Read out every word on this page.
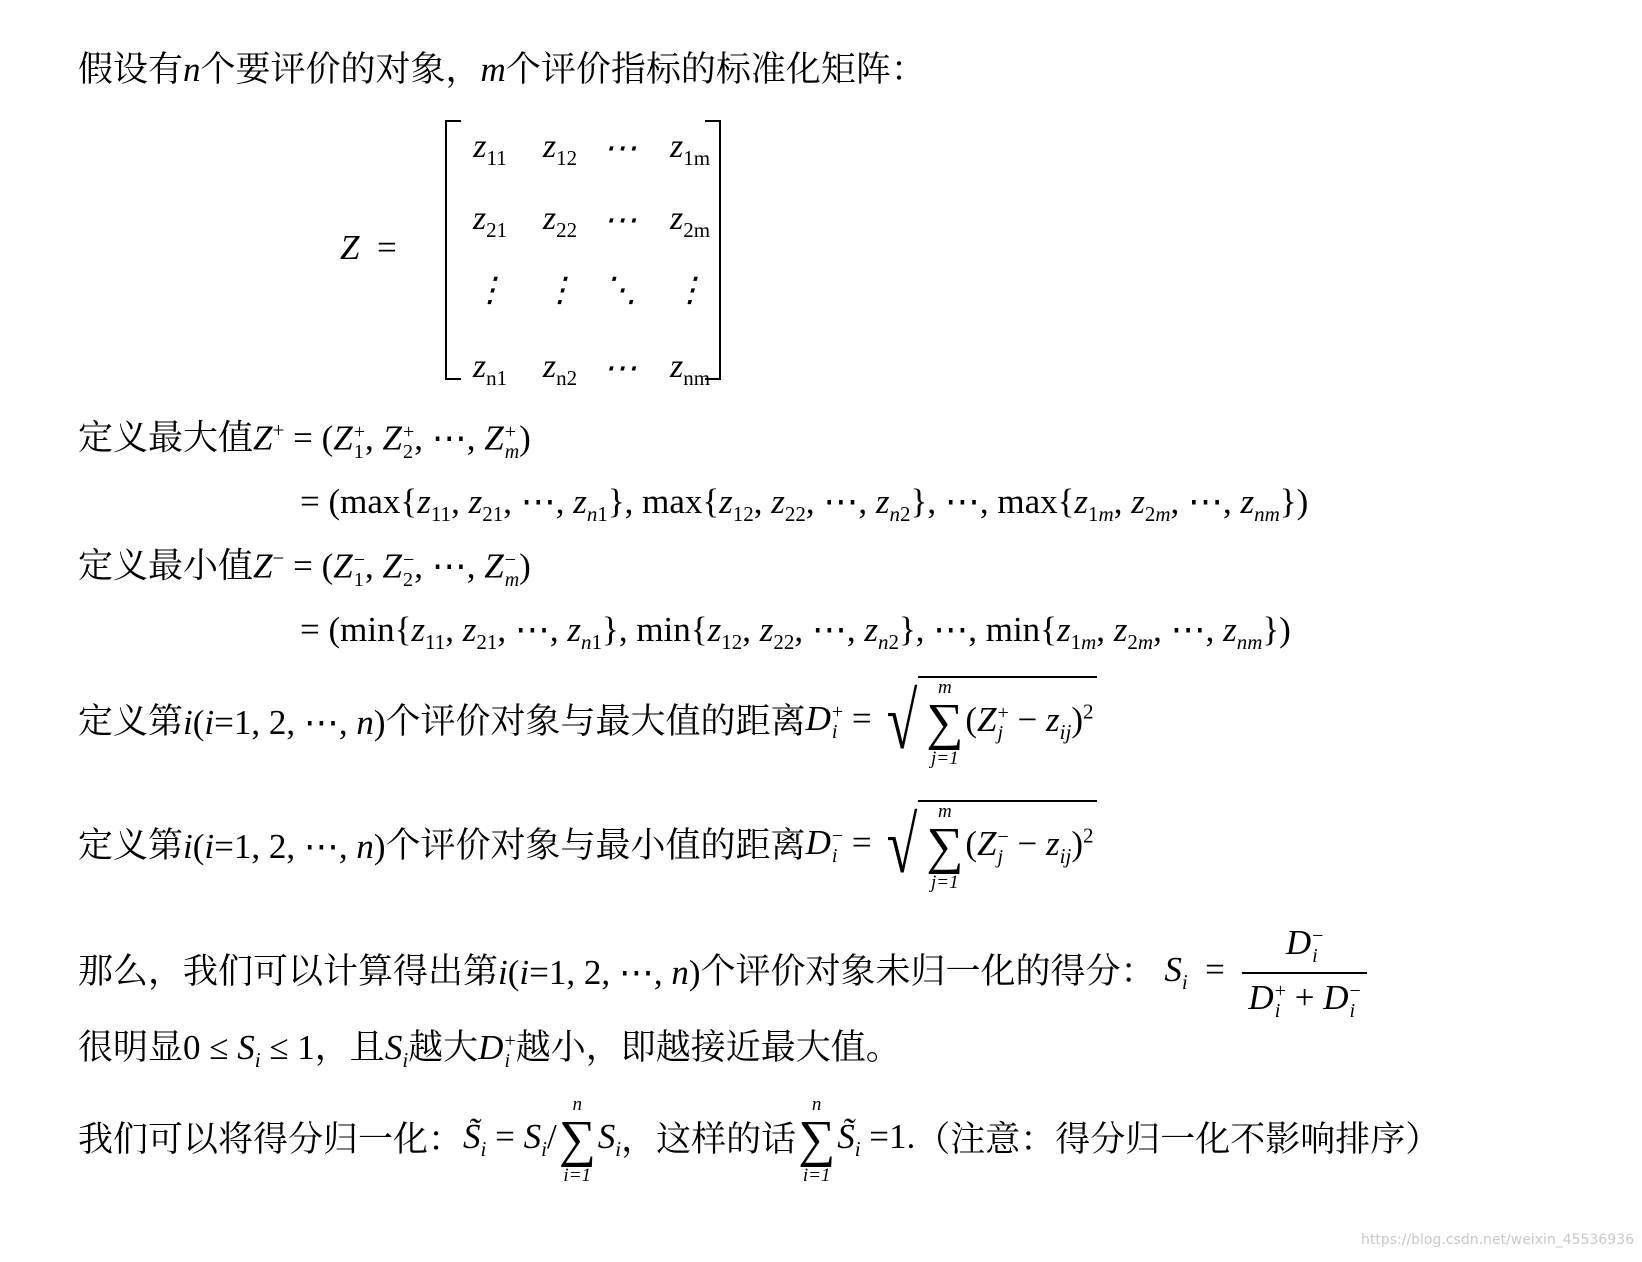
假设有n个要评价的对象，m个评价指标的标准化矩阵：
Z =
$z_{11}$	$z_{12}$ ⋯ $z_{1m}$
$z_{21}$	$z_{22}$ ⋯ $z_{2m}$
⋮	⋮ ⋱	⋮
$z_{n1}$	$z_{n2}$ ⋯ $z_{nm}$
定义最大值Z+ = (Z +
1 , Z +
2 , ⋯, Z +
m )
= ($\max\{z_{11}$, $z_{21}$, ⋯, $z_{n1}$}, $\max\{z_{12}$, $z_{22}$, ⋯, $z_{n2}$}, ⋯, $\max\{z_{1m}$, $z_{2m}$, ⋯, $z_{nm}$})
定义最小值Z− = (Z −
1 , Z −
2 , ⋯, Z −
m )
= ($\min\{z_{11}$, $z_{21}$, ⋯, $z_{n1}$}, $\min\{z_{12}$, $z_{22}$, ⋯, $z_{n2}$}, ⋯, $\min\{z_{1m}$, $z_{2m}$, ⋯, $z_{nm}$})
定义第i(i=1, 2, ⋯, n)个评价对象与最大值的距离D +
i = √ m
∑
j=1
(Z +
$j - z_{ij})^2$
定义第i(i=1, 2, ⋯, n)个评价对象与最小值的距离D −
i = √ m
∑
j=1
(Z −
$j - z_{ij})^2$
那么，我们可以计算得出第i(i=1, 2, ⋯, n)个评价对象未归一化的得分： $S_i = D$ −
i
D +
i + D −
i
很明显$0 \le S_i \le 1$，且$S_i$越大D +
i 越小，即越接近最大值。
我们可以将得分归一化：$S̃_i = S_i/$
n
∑
i=1
$S_i$，这样的话
n
∑
i=1
$S̃_i =1$.（注意：得分归一化不影响排序）
https://blog.csdn.net/weixin_45536936
